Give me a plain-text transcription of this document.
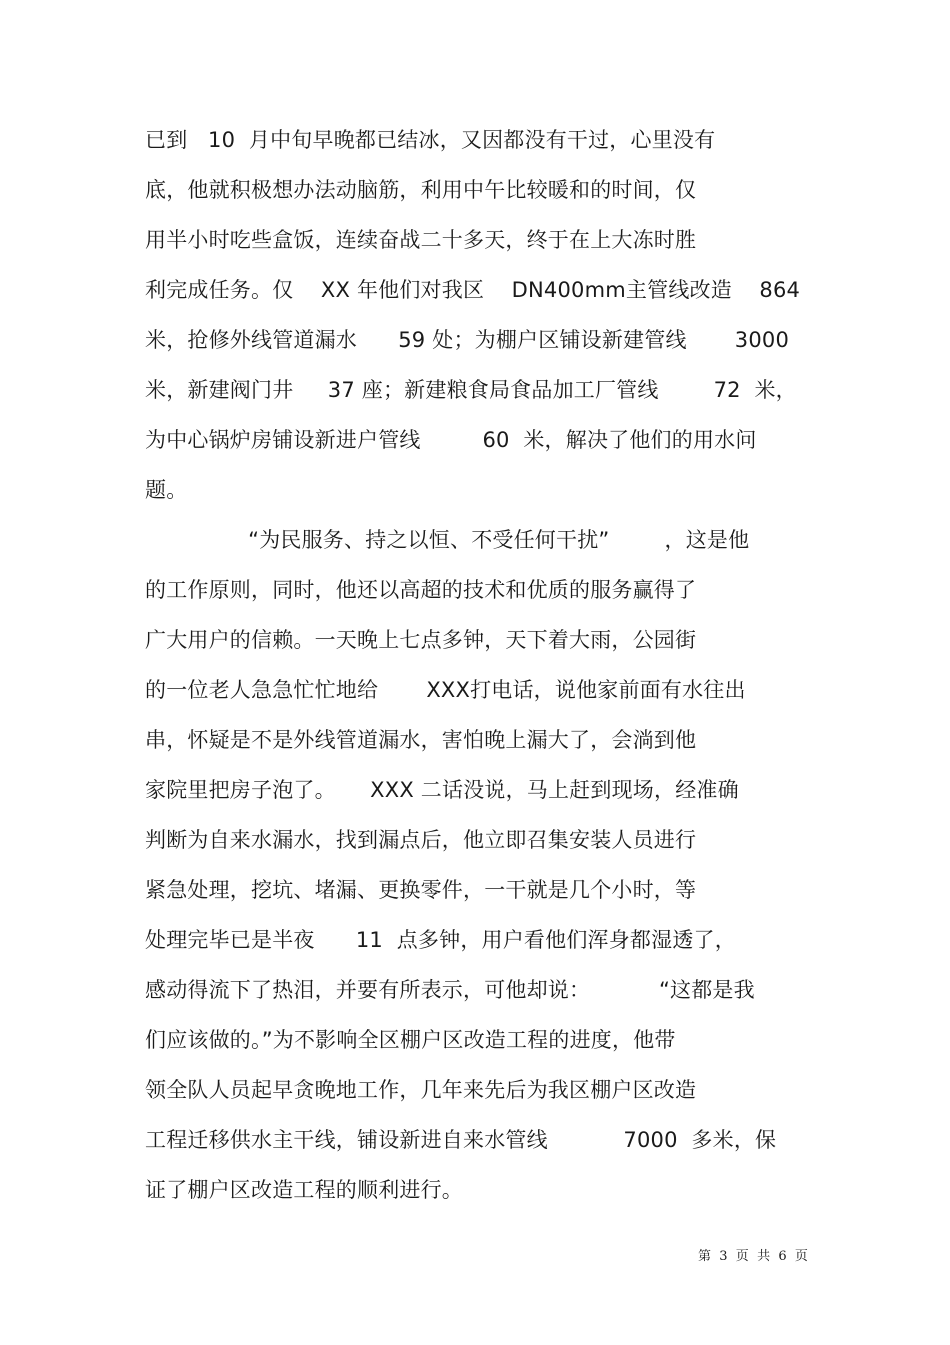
已到   10  月中旬早晚都已结冰，又因都没有干过，心里没有
底，他就积极想办法动脑筋，利用中午比较暖和的时间，仅
用半小时吃些盒饭，连续奋战二十多天，终于在上大冻时胜
利完成任务。仅    XX 年他们对我区    DN400mm主管线改造    864
米，抢修外线管道漏水      59 处；为棚户区铺设新建管线       3000
米，新建阀门井     37 座；新建粮食局食品加工厂管线        72  米，
为中心锅炉房铺设新进户管线         60  米，解决了他们的用水问
题。
“为民服务、持之以恒、不受任何干扰”        ，这是他
的工作原则，同时，他还以高超的技术和优质的服务赢得了
广大用户的信赖。一天晚上七点多钟，天下着大雨，公园街
的一位老人急急忙忙地给       XXX打电话，说他家前面有水往出
串，怀疑是不是外线管道漏水，害怕晚上漏大了，会淌到他
家院里把房子泡了。     XXX 二话没说，马上赶到现场，经准确
判断为自来水漏水，找到漏点后，他立即召集安装人员进行
紧急处理，挖坑、堵漏、更换零件，一干就是几个小时，等
处理完毕已是半夜      11  点多钟，用户看他们浑身都湿透了，
感动得流下了热泪，并要有所表示，可他却说：          “这都是我
们应该做的。”为不影响全区棚户区改造工程的进度，他带
领全队人员起早贪晚地工作，几年来先后为我区棚户区改造
工程迁移供水主干线，铺设新进自来水管线           7000  多米，保
证了棚户区改造工程的顺利进行。
第  3  页  共  6  页
